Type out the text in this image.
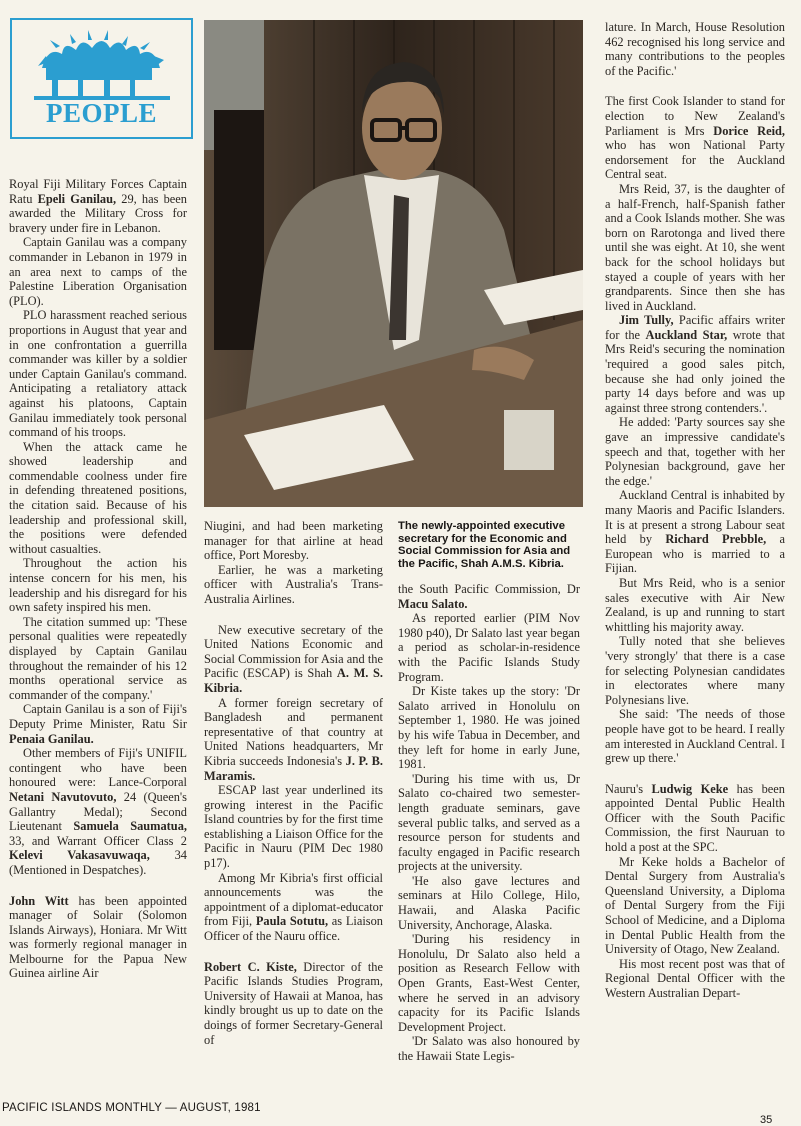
PEOPLE

Royal Fiji Military Forces Captain Ratu Epeli Ganilau, 29, has been awarded the Military Cross for bravery under fire in Lebanon.

Captain Ganilau was a company commander in Lebanon in 1979 in an area next to camps of the Palestine Liberation Organisation (PLO).

PLO harassment reached serious proportions in August that year and in one confrontation a guerrilla commander was killer by a soldier under Captain Ganilau's command. Anticipating a retaliatory attack against his platoons, Captain Ganilau immediately took personal command of his troops.

When the attack came he showed leadership and commendable coolness under fire in defending threatened positions, the citation said. Because of his leadership and professional skill, the positions were defended without casualties.

Throughout the action his intense concern for his men, his leadership and his disregard for his own safety inspired his men.

The citation summed up: 'These personal qualities were repeatedly displayed by Captain Ganilau throughout the remainder of his 12 months operational service as commander of the company.'

Captain Ganilau is a son of Fiji's Deputy Prime Minister, Ratu Sir Penaia Ganilau.

Other members of Fiji's UNIFIL contingent who have been honoured were: Lance-Corporal Netani Navutovuto, 24 (Queen's Gallantry Medal); Second Lieutenant Samuela Saumatua, 33, and Warrant Officer Class 2 Kelevi Vakasavuwaqa, 34 (Mentioned in Despatches).

John Witt has been appointed manager of Solair (Solomon Islands Airways), Honiara. Mr Witt was formerly regional manager in Melbourne for the Papua New Guinea airline Air

Niugini, and had been marketing manager for that airline at head office, Port Moresby.

Earlier, he was a marketing officer with Australia's Trans-Australia Airlines.

New executive secretary of the United Nations Economic and Social Commission for Asia and the Pacific (ESCAP) is Shah A. M. S. Kibria.

A former foreign secretary of Bangladesh and permanent representative of that country at United Nations headquarters, Mr Kibria succeeds Indonesia's J. P. B. Maramis.

ESCAP last year underlined its growing interest in the Pacific Island countries by for the first time establishing a Liaison Office for the Pacific in Nauru (PIM Dec 1980 p17).

Among Mr Kibria's first official announcements was the appointment of a diplomat-educator from Fiji, Paula Sotutu, as Liaison Officer of the Nauru office.

Robert C. Kiste, Director of the Pacific Islands Studies Program, University of Hawaii at Manoa, has kindly brought us up to date on the doings of former Secretary-General of

The newly-appointed executive secretary for the Economic and Social Commission for Asia and the Pacific, Shah A.M.S. Kibria.

the South Pacific Commission, Dr Macu Salato.

As reported earlier (PIM Nov 1980 p40), Dr Salato last year began a period as scholar-in-residence with the Pacific Islands Study Program.

Dr Kiste takes up the story: 'Dr Salato arrived in Honolulu on September 1, 1980. He was joined by his wife Tabua in December, and they left for home in early June, 1981.

'During his time with us, Dr Salato co-chaired two semester-length graduate seminars, gave several public talks, and served as a resource person for students and faculty engaged in Pacific research projects at the university.

'He also gave lectures and seminars at Hilo College, Hilo, Hawaii, and Alaska Pacific University, Anchorage, Alaska.

'During his residency in Honolulu, Dr Salato also held a position as Research Fellow with Open Grants, East-West Center, where he served in an advisory capacity for its Pacific Islands Development Project.

'Dr Salato was also honoured by the Hawaii State Legis-

lature. In March, House Resolution 462 recognised his long service and many contributions to the peoples of the Pacific.'

The first Cook Islander to stand for election to New Zealand's Parliament is Mrs Dorice Reid, who has won National Party endorsement for the Auckland Central seat.

Mrs Reid, 37, is the daughter of a half-French, half-Spanish father and a Cook Islands mother. She was born on Rarotonga and lived there until she was eight. At 10, she went back for the school holidays but stayed a couple of years with her grandparents. Since then she has lived in Auckland.

Jim Tully, Pacific affairs writer for the Auckland Star, wrote that Mrs Reid's securing the nomination 'required a good sales pitch, because she had only joined the party 14 days before and was up against three strong contenders.'.

He added: 'Party sources say she gave an impressive candidate's speech and that, together with her Polynesian background, gave her the edge.'

Auckland Central is inhabited by many Maoris and Pacific Islanders. It is at present a strong Labour seat held by Richard Prebble, a European who is married to a Fijian.

But Mrs Reid, who is a senior sales executive with Air New Zealand, is up and running to start whittling his majority away.

Tully noted that she believes 'very strongly' that there is a case for selecting Polynesian candidates in electorates where many Polynesians live.

She said: 'The needs of those people have got to be heard. I really am interested in Auckland Central. I grew up there.'

Nauru's Ludwig Keke has been appointed Dental Public Health Officer with the South Pacific Commission, the first Nauruan to hold a post at the SPC.

Mr Keke holds a Bachelor of Dental Surgery from Australia's Queensland University, a Diploma of Dental Surgery from the Fiji School of Medicine, and a Diploma in Dental Public Health from the University of Otago, New Zealand.

His most recent post was that of Regional Dental Officer with the Western Australian Depart-

PACIFIC ISLANDS MONTHLY — AUGUST, 1981
35
